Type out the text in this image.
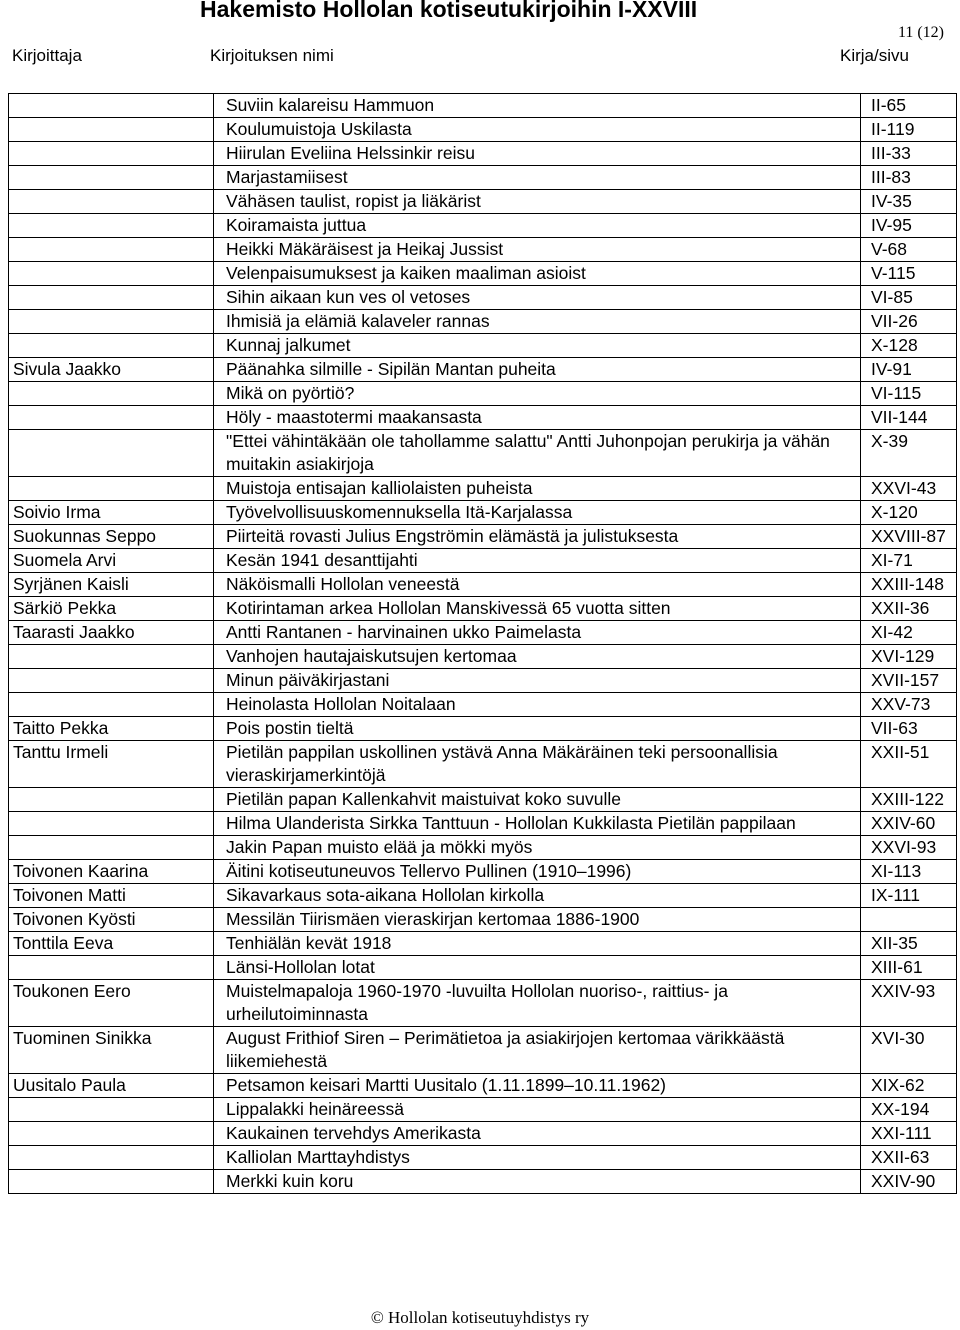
Hakemisto Hollolan kotiseutukirjoihin I-XXVIII
11 (12)
Kirjoittaja	Kirjoituksen nimi	Kirja/sivu
	Suviin kalareisu Hammuon	II-65
	Koulumuistoja Uskilasta	II-119
	Hiirulan Eveliina Helssinkir reisu	III-33
	Marjastamiisest	III-83
	Vähäsen taulist, ropist ja liäkärist	IV-35
	Koiramaista juttua	IV-95
	Heikki Mäkäräisest ja Heikaj Jussist	V-68
	Velenpaisumuksest ja kaiken maaliman asioist	V-115
	Sihin aikaan kun ves ol vetoses	VI-85
	Ihmisiä ja elämiä kalaveler rannas	VII-26
	Kunnaj jalkumet	X-128
Sivula Jaakko	Päänahka silmille - Sipilän Mantan puheita	IV-91
	Mikä on pyörtiö?	VI-115
	Höly - maastotermi maakansasta	VII-144
	"Ettei vähintäkään ole tahollamme salattu" Antti Juhonpojan perukirja ja vähän muitakin asiakirjoja	X-39
	Muistoja entisajan kalliolaisten puheista	XXVI-43
Soivio Irma	Työvelvollisuuskomennuksella Itä-Karjalassa	X-120
Suokunnas Seppo	Piirteitä rovasti Julius Engströmin elämästä ja julistuksesta	XXVIII-87
Suomela Arvi	Kesän 1941 desanttijahti	XI-71
Syrjänen Kaisli	Näköismalli Hollolan veneestä	XXIII-148
Särkiö Pekka	Kotirintaman arkea Hollolan Manskivessä 65 vuotta sitten	XXII-36
Taarasti Jaakko	Antti Rantanen - harvinainen ukko Paimelasta	XI-42
	Vanhojen hautajaiskutsujen kertomaa	XVI-129
	Minun päiväkirjastani	XVII-157
	Heinolasta Hollolan Noitalaan	XXV-73
Taitto Pekka	Pois postin tieltä	VII-63
Tanttu Irmeli	Pietilän pappilan uskollinen ystävä Anna Mäkäräinen teki persoonallisia vieraskirjamerkintöjä	XXII-51
	Pietilän papan Kallenkahvit maistuivat koko suvulle	XXIII-122
	Hilma Ulanderista Sirkka Tanttuun - Hollolan Kukkilasta Pietilän pappilaan	XXIV-60
	Jakin Papan muisto elää ja mökki myös	XXVI-93
Toivonen Kaarina	Äitini kotiseutuneuvos Tellervo Pullinen (1910–1996)	XI-113
Toivonen Matti	Sikavarkaus sota-aikana Hollolan kirkolla	IX-111
Toivonen Kyösti	Messilän Tiirismäen vieraskirjan kertomaa 1886-1900	
Tonttila Eeva	Tenhiälän kevät 1918	XII-35
	Länsi-Hollolan lotat	XIII-61
Toukonen Eero	Muistelmapaloja 1960-1970 -luvuilta Hollolan nuoriso-, raittius- ja urheilutoiminnasta	XXIV-93
Tuominen Sinikka	August Frithiof Siren – Perimätietoa ja asiakirjojen kertomaa värikkäästä liikemiehestä	XVI-30
Uusitalo Paula	Petsamon keisari Martti Uusitalo (1.11.1899–10.11.1962)	XIX-62
	Lippalakki heinäreessä	XX-194
	Kaukainen tervehdys Amerikasta	XXI-111
	Kalliolan Marttayhdistys	XXII-63
	Merkki kuin koru	XXIV-90
© Hollolan kotiseutuyhdistys ry
